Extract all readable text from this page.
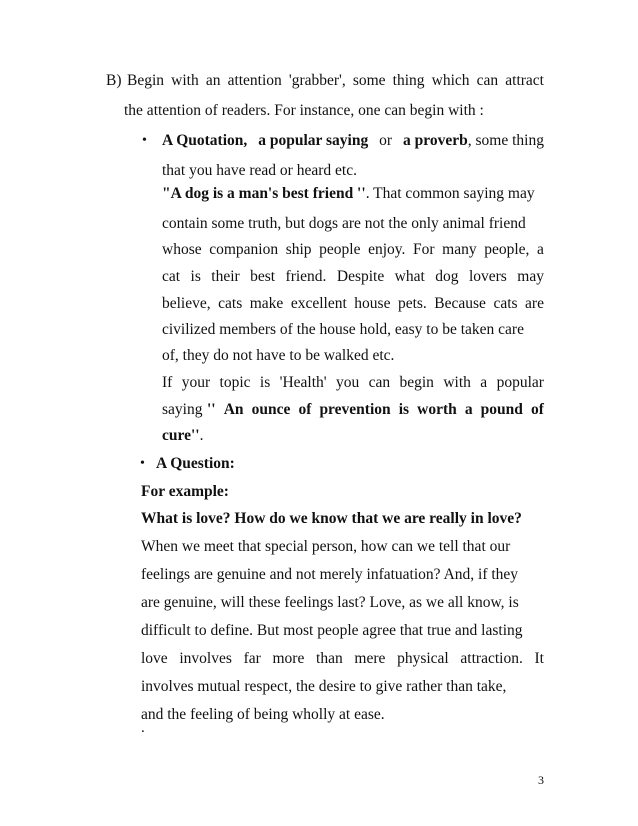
B) Begin with an attention 'grabber', some thing which can attract
the attention of readers. For instance, one can begin with :
• A Quotation, a popular saying or a proverb, some thing
that you have read or heard etc.
"A dog is a man's best friend ''. That common saying may
contain some truth, but dogs are not the only animal friend
whose companion ship people enjoy. For many people, a
cat is their best friend. Despite what dog lovers may
believe, cats make excellent house pets. Because cats are
civilized members of the house hold, easy to be taken care
of, they do not have to be walked etc.
If your topic is 'Health' you can begin with a popular
saying '' An ounce of prevention is worth a pound of
cure''.
• A Question:
For example:
What is love? How do we know that we are really in love?
When we meet that special person, how can we tell that our
feelings are genuine and not merely infatuation? And, if they
are genuine, will these feelings last? Love, as we all know, is
difficult to define. But most people agree that true and lasting
love involves far more than mere physical attraction. It
involves mutual respect, the desire to give rather than take,
and the feeling of being wholly at ease.
.
3
